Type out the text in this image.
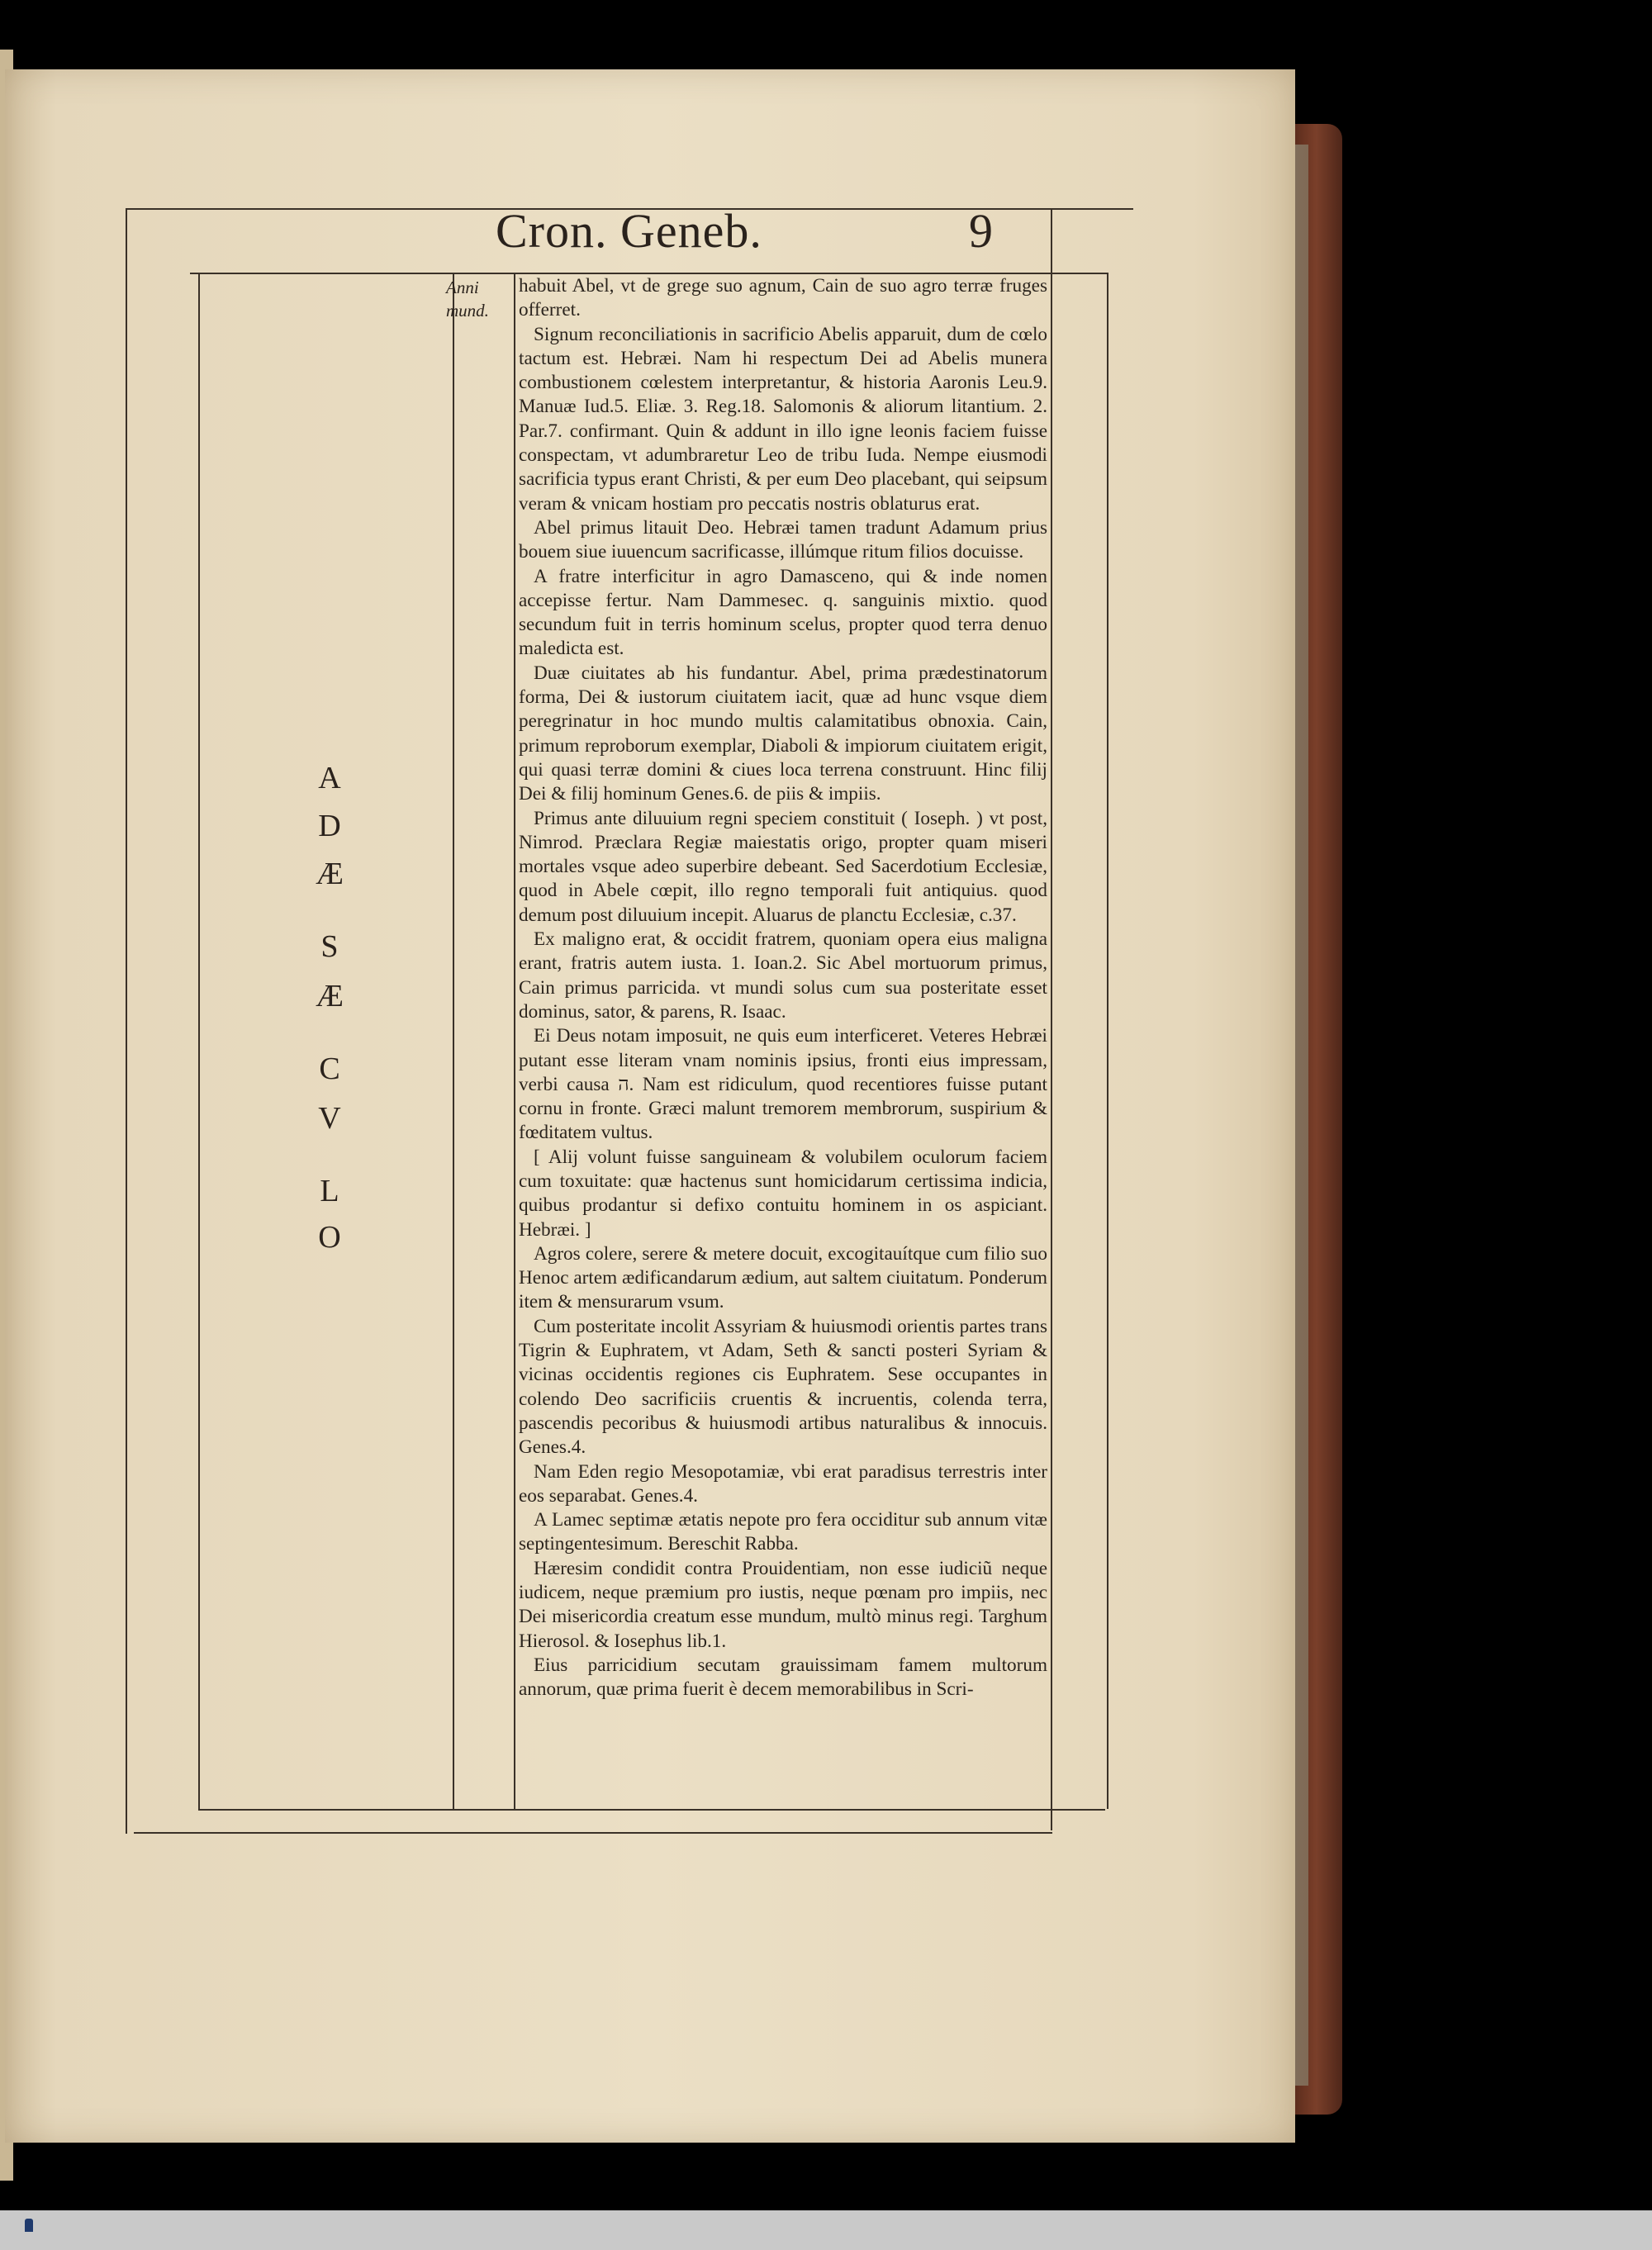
Cron. Geneb.	9
Anni mund.
A
D
Æ
S
Æ
C
V
L
O

habuit Abel, vt de grege suo agnum, Cain de suo agro terræ fruges offerret.

Signum reconciliationis in sacrificio Abelis apparuit, dum de cœlo tactum est. Hebræi. Nam hi respectum Dei ad Abelis munera combustionem cœlestem interpretantur, & historia Aaronis Leu.9. Manuæ Iud.5. Eliæ. 3. Reg.18. Salomonis & aliorum litantium. 2. Par.7. confirmant. Quin & addunt in illo igne leonis faciem fuisse conspectam, vt adumbraretur Leo de tribu Iuda. Nempe eiusmodi sacrificia typus erant Christi, & per eum Deo placebant, qui seipsum veram & vnicam hostiam pro peccatis nostris oblaturus erat.

Abel primus litauit Deo. Hebræi tamen tradunt Adamum prius bouem siue iuuencum sacrificasse, illúmque ritum filios docuisse.

A fratre interficitur in agro Damasceno, qui & inde nomen accepisse fertur. Nam Dammesec. q. sanguinis mixtio. quod secundum fuit in terris hominum scelus, propter quod terra denuo maledicta est.

Duæ ciuitates ab his fundantur. Abel, prima prædestinatorum forma, Dei & iustorum ciuitatem iacit, quæ ad hunc vsque diem peregrinatur in hoc mundo multis calamitatibus obnoxia. Cain, primum reproborum exemplar, Diaboli & impiorum ciuitatem erigit, qui quasi terræ domini & ciues loca terrena construunt. Hinc filij Dei & filij hominum Genes.6. de piis & impiis.

Primus ante diluuium regni speciem constituit ( Ioseph. ) vt post, Nimrod. Præclara Regiæ maiestatis origo, propter quam miseri mortales vsque adeo superbire debeant. Sed Sacerdotium Ecclesiæ, quod in Abele cœpit, illo regno temporali fuit antiquius. quod demum post diluuium incepit. Aluarus de planctu Ecclesiæ, c.37.

Ex maligno erat, & occidit fratrem, quoniam opera eius maligna erant, fratris autem iusta. 1. Ioan.2. Sic Abel mortuorum primus, Cain primus parricida. vt mundi solus cum sua posteritate esset dominus, sator, & parens, R. Isaac.

Ei Deus notam imposuit, ne quis eum interficeret. Veteres Hebræi putant esse literam vnam nominis ipsius, fronti eius impressam, verbi causa ה. Nam est ridiculum, quod recentiores fuisse putant cornu in fronte. Græci malunt tremorem membrorum, suspirium & fœditatem vultus.

[ Alij volunt fuisse sanguineam & volubilem oculorum faciem cum toxuitate: quæ hactenus sunt homicidarum certissima indicia, quibus prodantur si defixo contuitu hominem in os aspiciant. Hebræi. ]

Agros colere, serere & metere docuit, excogitauítque cum filio suo Henoc artem ædificandarum ædium, aut saltem ciuitatum. Ponderum item & mensurarum vsum.

Cum posteritate incolit Assyriam & huiusmodi orientis partes trans Tigrin & Euphratem, vt Adam, Seth & sancti posteri Syriam & vicinas occidentis regiones cis Euphratem. Sese occupantes in colendo Deo sacrificiis cruentis & incruentis, colenda terra, pascendis pecoribus & huiusmodi artibus naturalibus & innocuis. Genes.4.

Nam Eden regio Mesopotamiæ, vbi erat paradisus terrestris inter eos separabat. Genes.4.

A Lamec septimæ ætatis nepote pro fera occiditur sub annum vitæ septingentesimum. Bereschit Rabba.

Hæresim condidit contra Prouidentiam, non esse iudiciũ neque iudicem, neque præmium pro iustis, neque pœnam pro impiis, nec Dei misericordia creatum esse mundum, multò minus regi. Targhum Hierosol. & Iosephus lib.1.

Eius parricidium secutam grauissimam famem multorum annorum, quæ prima fuerit è decem memorabilibus in Scri-
